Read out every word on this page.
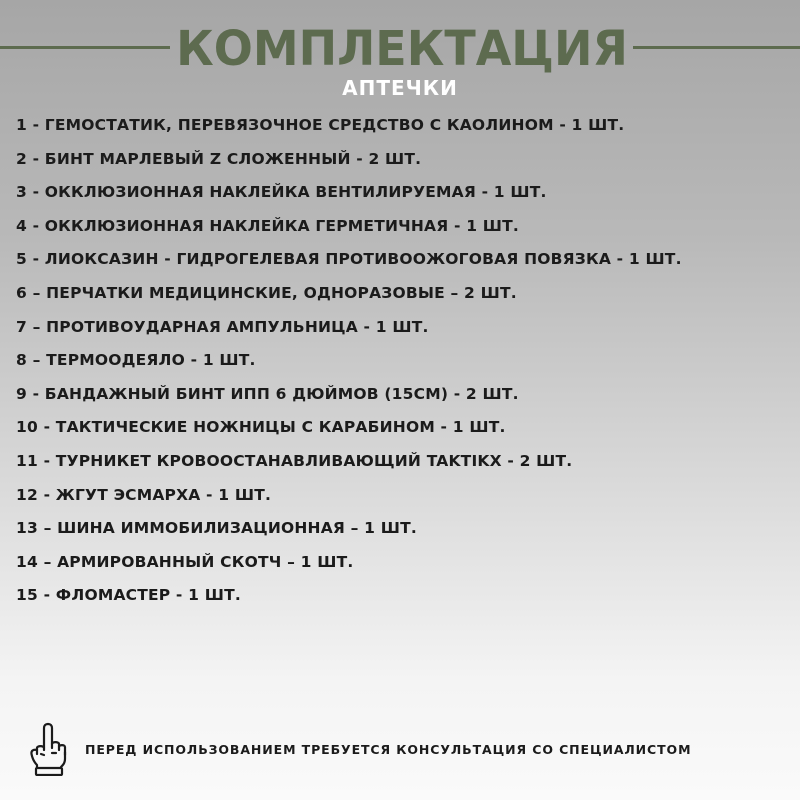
КОМПЛЕКТАЦИЯ
АПТЕЧКИ
1 - ГЕМОСТАТИК, ПЕРЕВЯЗОЧНОЕ СРЕДСТВО С КАОЛИНОМ - 1 ШТ.
2 - БИНТ МАРЛЕВЫЙ Z СЛОЖЕННЫЙ - 2 ШТ.
3 - ОККЛЮЗИОННАЯ НАКЛЕЙКА ВЕНТИЛИРУЕМАЯ - 1 ШТ.
4 - ОККЛЮЗИОННАЯ НАКЛЕЙКА ГЕРМЕТИЧНАЯ - 1 ШТ.
5 - ЛИОКСАЗИН - ГИДРОГЕЛЕВАЯ ПРОТИВООЖОГОВАЯ ПОВЯЗКА - 1 ШТ.
6 – ПЕРЧАТКИ МЕДИЦИНСКИЕ, ОДНОРАЗОВЫЕ – 2 ШТ.
7 – ПРОТИВОУДАРНАЯ АМПУЛЬНИЦА - 1 ШТ.
8 – ТЕРМООДЕЯЛО - 1 ШТ.
9 - БАНДАЖНЫЙ БИНТ ИПП 6 ДЮЙМОВ (15СМ) - 2 ШТ.
10 - ТАКТИЧЕСКИЕ НОЖНИЦЫ С КАРАБИНОМ - 1 ШТ.
11 - ТУРНИКЕТ КРОВООСТАНАВЛИВАЮЩИЙ TAKTIKX - 2 ШТ.
12 - ЖГУТ ЭСМАРХА - 1 ШТ.
13 – ШИНА ИММОБИЛИЗАЦИОННАЯ – 1 ШТ.
14 – АРМИРОВАННЫЙ СКОТЧ – 1 ШТ.
15 - ФЛОМАСТЕР - 1 ШТ.
ПЕРЕД ИСПОЛЬЗОВАНИЕМ ТРЕБУЕТСЯ КОНСУЛЬТАЦИЯ СО СПЕЦИАЛИСТОМ
